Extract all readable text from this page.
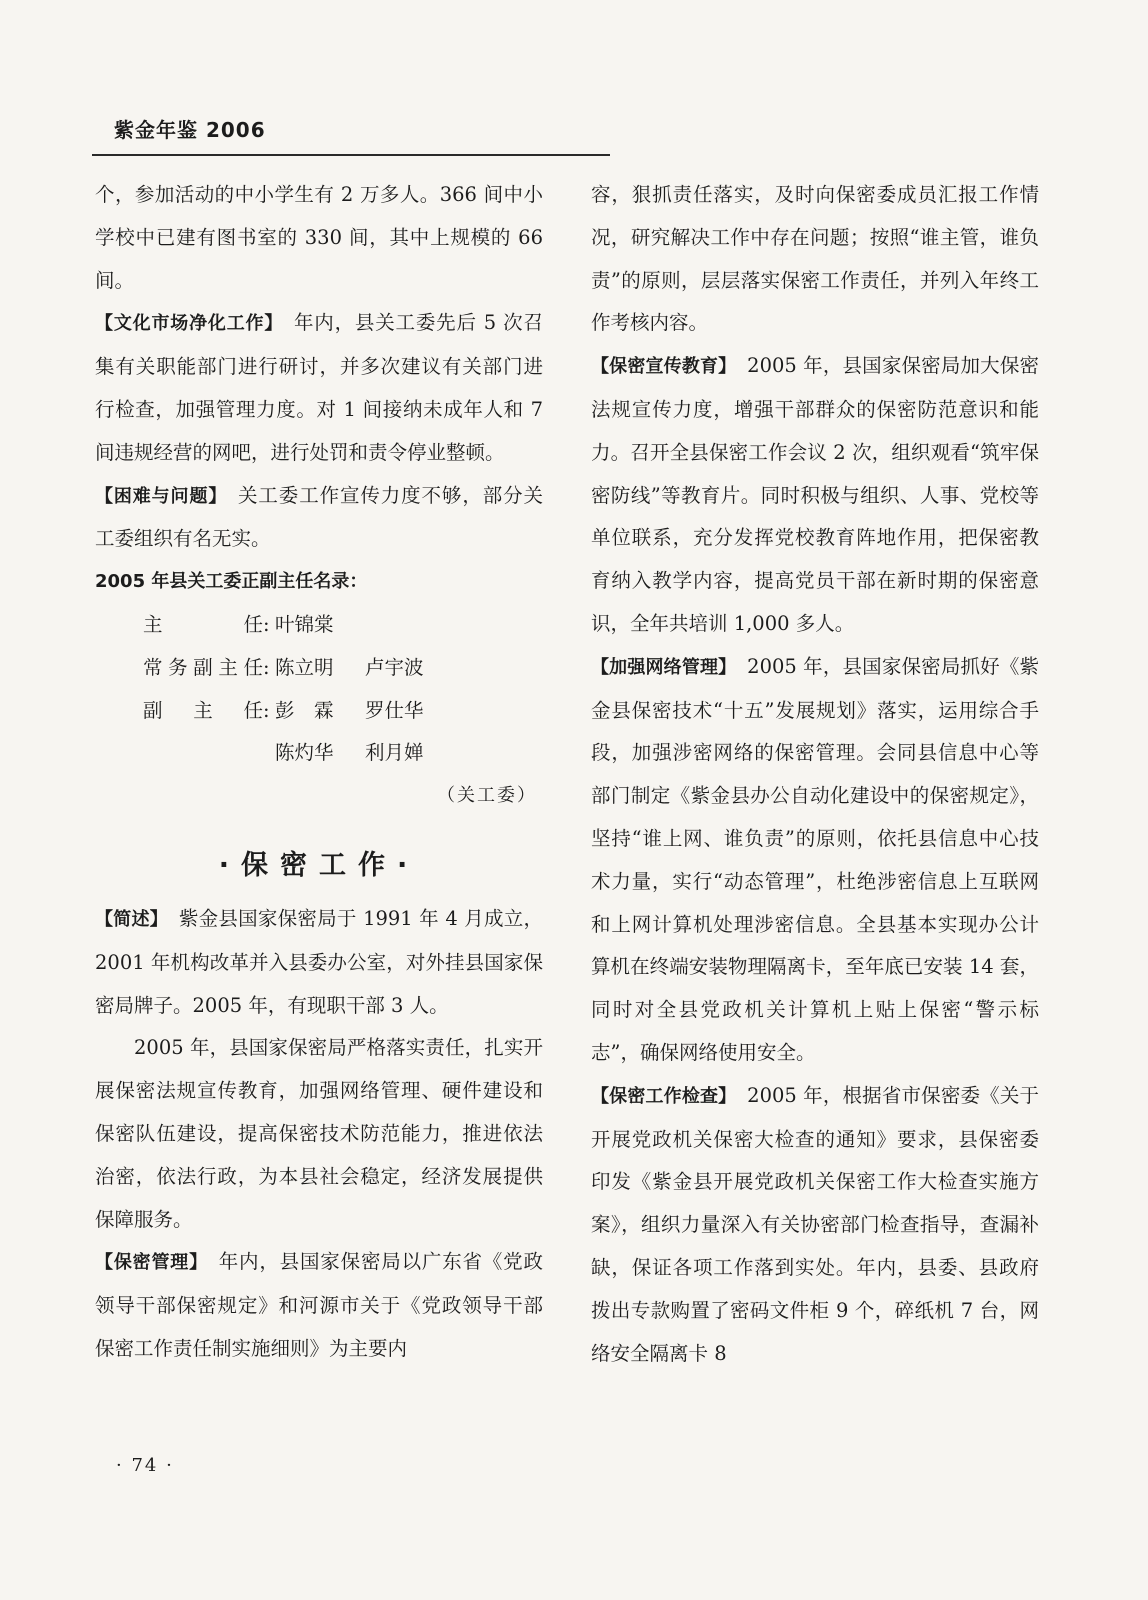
紫金年鉴 2006

个，参加活动的中小学生有 2 万多人。366 间中小学校中已建有图书室的 330 间，其中上规模的 66 间。

【文化市场净化工作】 年内，县关工委先后 5 次召集有关职能部门进行研讨，并多次建议有关部门进行检查，加强管理力度。对 1 间接纳未成年人和 7 间违规经营的网吧，进行处罚和责令停业整顿。

【困难与问题】 关工委工作宣传力度不够，部分关工委组织有名无实。

2005 年县关工委正副主任名录：

主任 : 叶锦棠
常务副主任 : 陈立明 卢宇波
副主任 : 彭　霖 罗仕华
陈灼华 利月婵

（关工委）

·保密工作·

【简述】 紫金县国家保密局于 1991 年 4 月成立，2001 年机构改革并入县委办公室，对外挂县国家保密局牌子。2005 年，有现职干部 3 人。

2005 年，县国家保密局严格落实责任，扎实开展保密法规宣传教育，加强网络管理、硬件建设和保密队伍建设，提高保密技术防范能力，推进依法治密，依法行政，为本县社会稳定，经济发展提供保障服务。

【保密管理】 年内，县国家保密局以广东省《党政领导干部保密规定》和河源市关于《党政领导干部保密工作责任制实施细则》为主要内

容，狠抓责任落实，及时向保密委成员汇报工作情况，研究解决工作中存在问题；按照“谁主管，谁负责”的原则，层层落实保密工作责任，并列入年终工作考核内容。

【保密宣传教育】 2005 年，县国家保密局加大保密法规宣传力度，增强干部群众的保密防范意识和能力。召开全县保密工作会议 2 次，组织观看“筑牢保密防线”等教育片。同时积极与组织、人事、党校等单位联系，充分发挥党校教育阵地作用，把保密教育纳入教学内容，提高党员干部在新时期的保密意识，全年共培训 1,000 多人。

【加强网络管理】 2005 年，县国家保密局抓好《紫金县保密技术“十五”发展规划》落实，运用综合手段，加强涉密网络的保密管理。会同县信息中心等部门制定《紫金县办公自动化建设中的保密规定》，坚持“谁上网、谁负责”的原则，依托县信息中心技术力量，实行“动态管理”，杜绝涉密信息上互联网和上网计算机处理涉密信息。全县基本实现办公计算机在终端安装物理隔离卡，至年底已安装 14 套，同时对全县党政机关计算机上贴上保密“警示标志”，确保网络使用安全。

【保密工作检查】 2005 年，根据省市保密委《关于开展党政机关保密大检查的通知》要求，县保密委印发《紫金县开展党政机关保密工作大检查实施方案》，组织力量深入有关协密部门检查指导，查漏补缺，保证各项工作落到实处。年内，县委、县政府拨出专款购置了密码文件柜 9 个，碎纸机 7 台，网络安全隔离卡 8

· 74 ·
